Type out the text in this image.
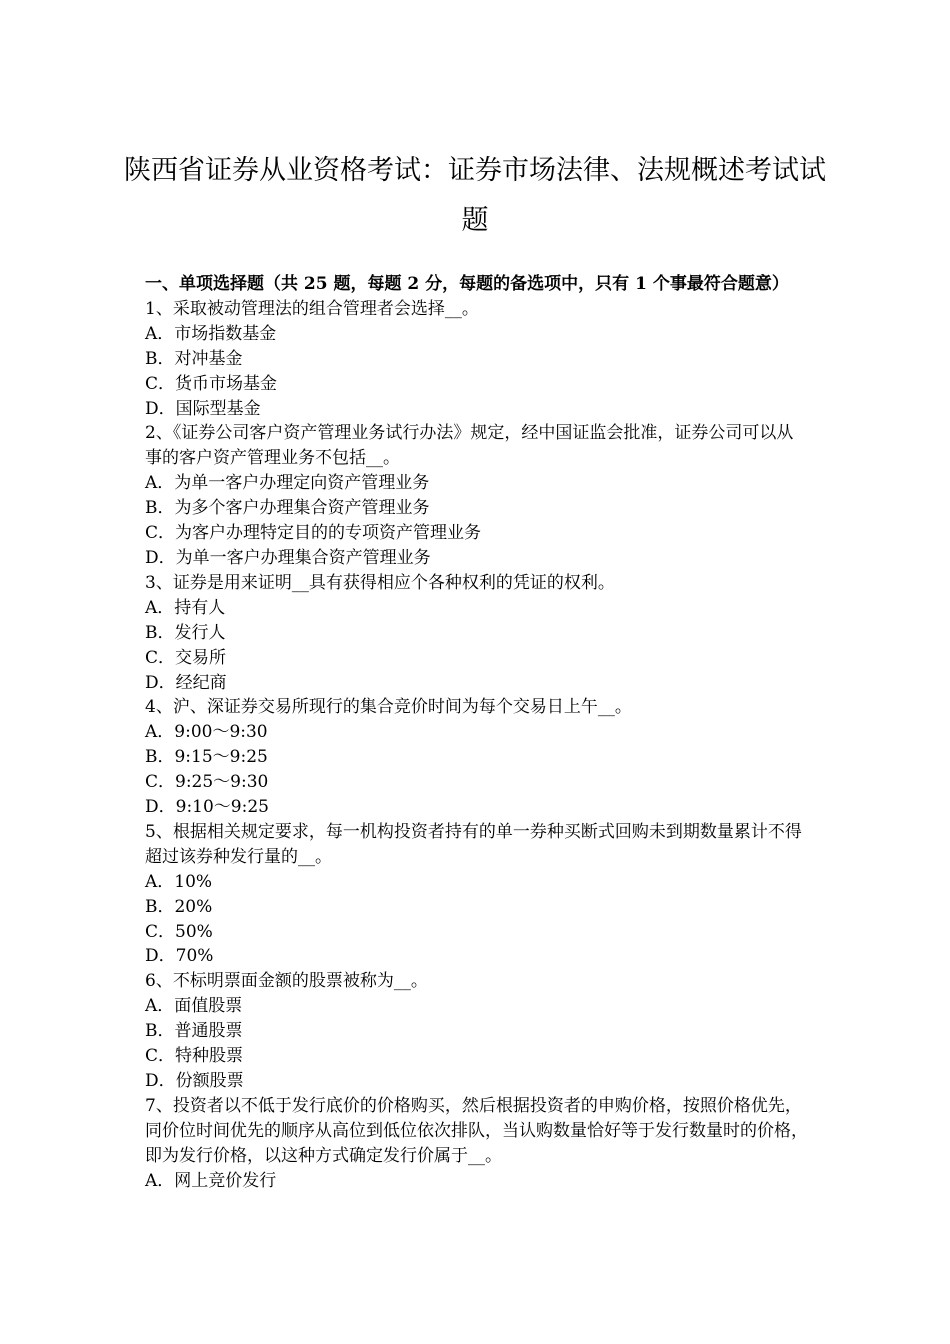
陕西省证券从业资格考试：证券市场法律、法规概述考试试题

一、单项选择题（共 25 题，每题 2 分，每题的备选项中，只有 1 个事最符合题意）

1、采取被动管理法的组合管理者会选择__。

A．市场指数基金

B．对冲基金

C．货币市场基金

D．国际型基金

2、《证券公司客户资产管理业务试行办法》规定，经中国证监会批准，证券公司可以从事的客户资产管理业务不包括__。

A．为单一客户办理定向资产管理业务

B．为多个客户办理集合资产管理业务

C．为客户办理特定目的的专项资产管理业务

D．为单一客户办理集合资产管理业务

3、证券是用来证明__具有获得相应个各种权利的凭证的权利。

A．持有人

B．发行人

C．交易所

D．经纪商

4、沪、深证券交易所现行的集合竞价时间为每个交易日上午__。

A．9:00～9:30

B．9:15～9:25

C．9:25～9:30

D．9:10～9:25

5、根据相关规定要求，每一机构投资者持有的单一券种买断式回购未到期数量累计不得超过该券种发行量的__。

A．10%

B．20%

C．50%

D．70%

6、不标明票面金额的股票被称为__。

A．面值股票

B．普通股票

C．特种股票

D．份额股票

7、投资者以不低于发行底价的价格购买，然后根据投资者的申购价格，按照价格优先，同价位时间优先的顺序从高位到低位依次排队，当认购数量恰好等于发行数量时的价格，即为发行价格，以这种方式确定发行价属于__。

A．网上竞价发行
